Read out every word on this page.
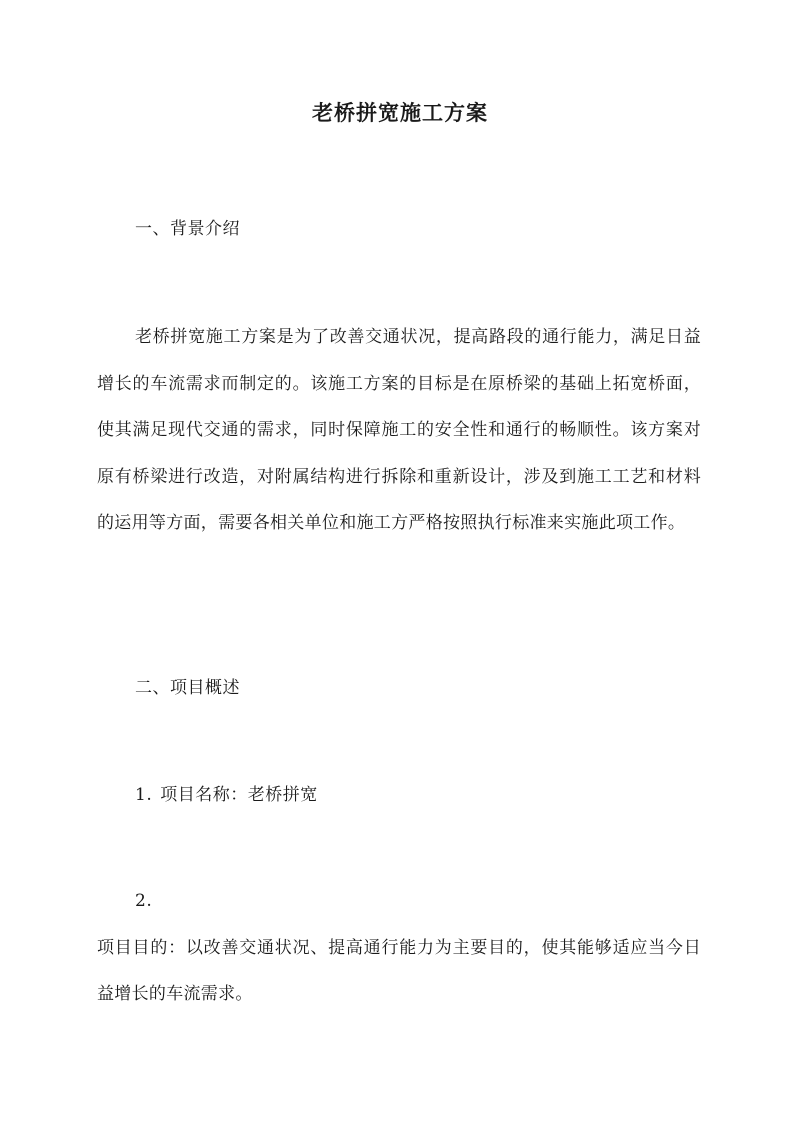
老桥拼宽施工方案
一、背景介绍

老桥拼宽施工方案是为了改善交通状况，提高路段的通行能力，满足日益增长的车流需求而制定的。该施工方案的目标是在原桥梁的基础上拓宽桥面，使其满足现代交通的需求，同时保障施工的安全性和通行的畅顺性。该方案对原有桥梁进行改造，对附属结构进行拆除和重新设计，涉及到施工工艺和材料的运用等方面，需要各相关单位和施工方严格按照执行标准来实施此项工作。

二、项目概述
1. 项目名称：老桥拼宽
2.

项目目的：以改善交通状况、提高通行能力为主要目的，使其能够适应当今日益增长的车流需求。
